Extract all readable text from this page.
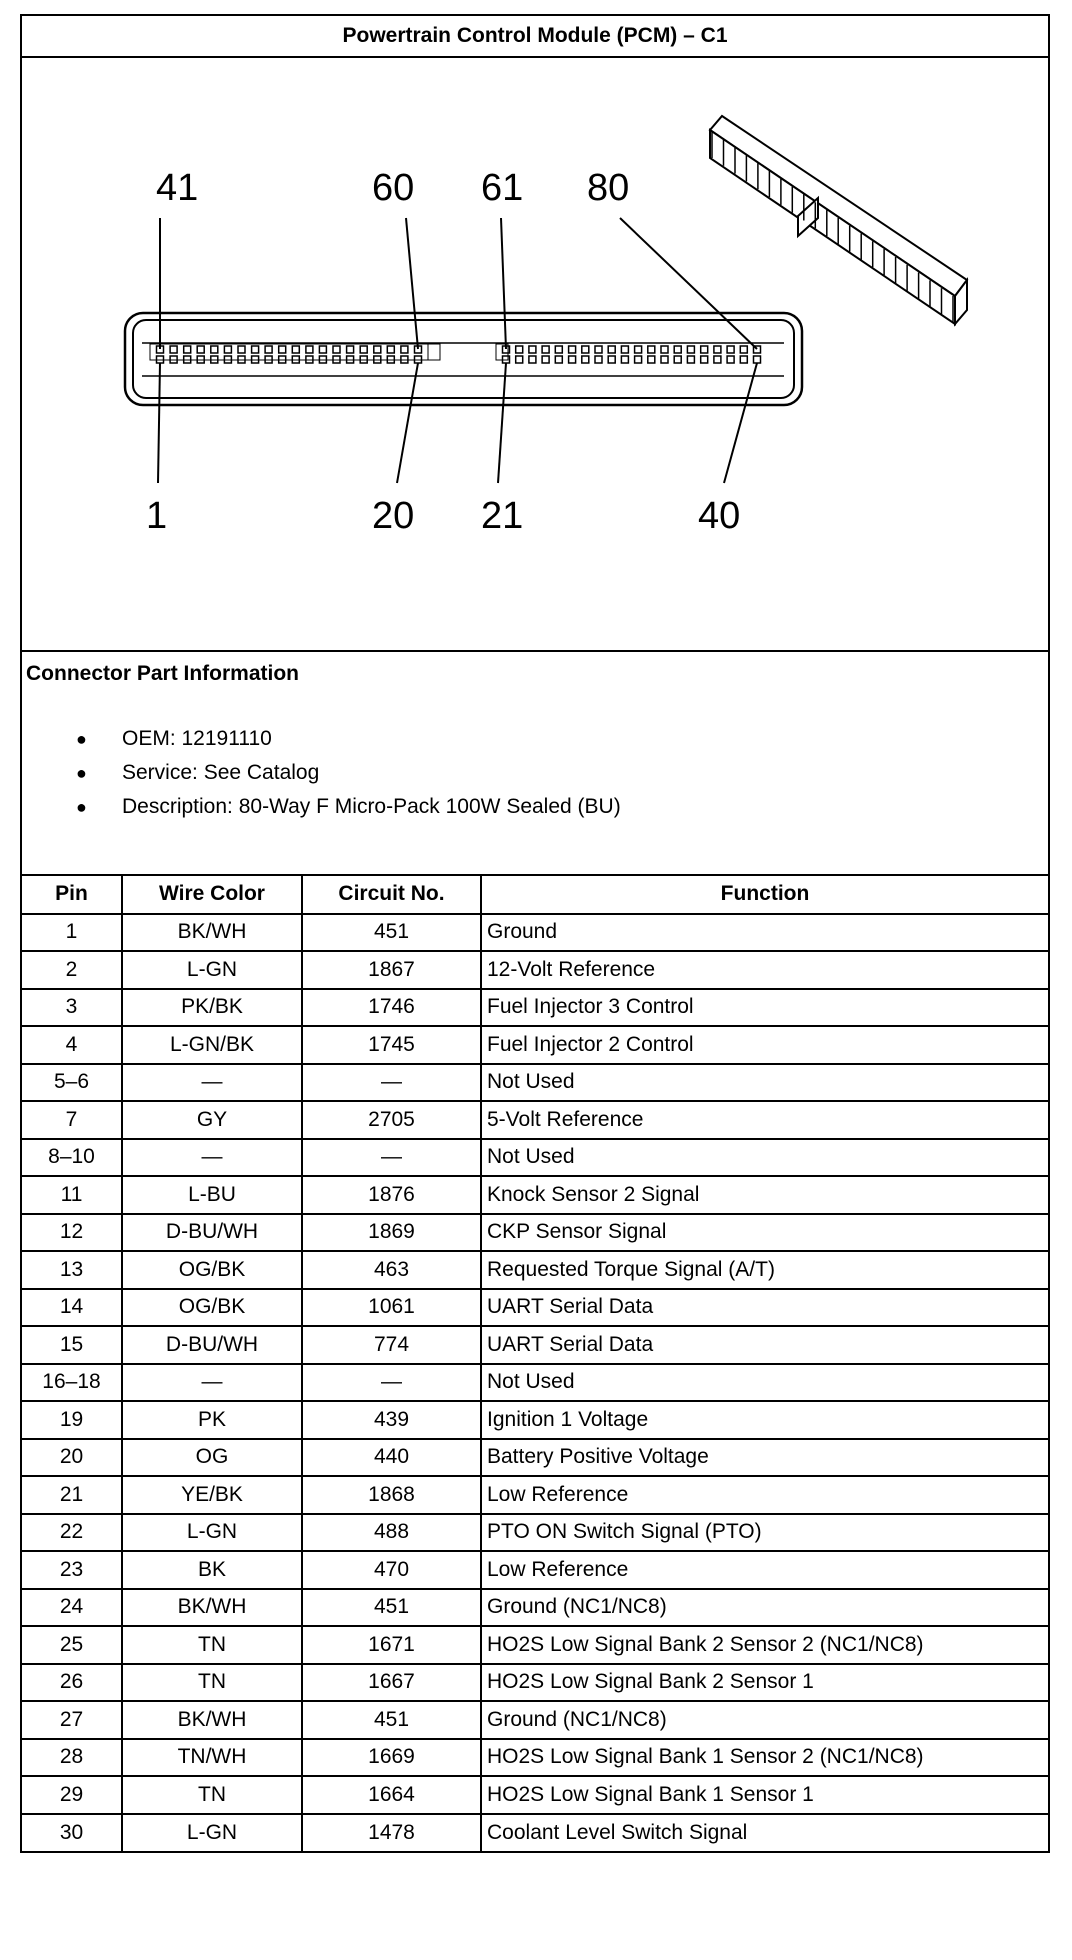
Powertrain Control Module (PCM) – C1
41	60 61 80
1	20 21	40
Connector Part Information
● OEM: 12191110
● Service: See Catalog
● Description: 80-Way F Micro-Pack 100W Sealed (BU)
Pin	Wire Color	Circuit No.	Function
1	BK/WH	451	Ground
2	L-GN	1867	12-Volt Reference
3	PK/BK	1746	Fuel Injector 3 Control
4	L-GN/BK	1745	Fuel Injector 2 Control
5–6	—	—	Not Used
7	GY	2705	5-Volt Reference
8–10	—	—	Not Used
11	L-BU	1876	Knock Sensor 2 Signal
12	D-BU/WH	1869	CKP Sensor Signal
13	OG/BK	463	Requested Torque Signal (A/T)
14	OG/BK	1061	UART Serial Data
15	D-BU/WH	774	UART Serial Data
16–18	—	—	Not Used
19	PK	439	Ignition 1 Voltage
20	OG	440	Battery Positive Voltage
21	YE/BK	1868	Low Reference
22	L-GN	488	PTO ON Switch Signal (PTO)
23	BK	470	Low Reference
24	BK/WH	451	Ground (NC1/NC8)
25	TN	1671	HO2S Low Signal Bank 2 Sensor 2 (NC1/NC8)
26	TN	1667	HO2S Low Signal Bank 2 Sensor 1
27	BK/WH	451	Ground (NC1/NC8)
28	TN/WH	1669	HO2S Low Signal Bank 1 Sensor 2 (NC1/NC8)
29	TN	1664	HO2S Low Signal Bank 1 Sensor 1
30	L-GN	1478	Coolant Level Switch Signal
